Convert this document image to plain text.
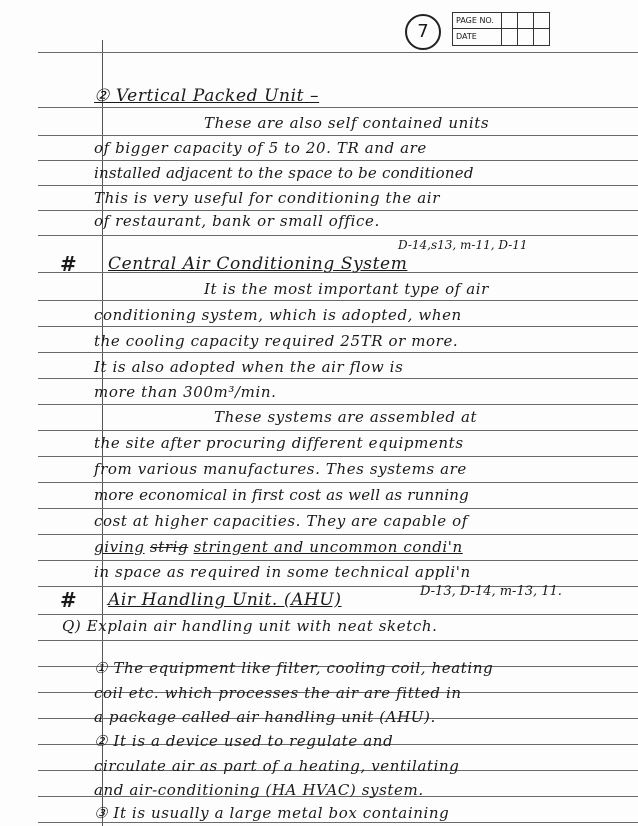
7
PAGE NO.
DATE
② Vertical Packed Unit –
These are also self contained units
of bigger capacity of 5 to 20. TR and are
installed adjacent to the space to be conditioned
This is very useful for conditioning the air
of restaurant, bank or small office.
D-14,s13, m-11, D-11
# Central Air Conditioning System
It is the most important type of air
conditioning system, which is adopted, when
the cooling capacity required 25TR or more.
It is also adopted when the air flow is
more than 300m³/min.
These systems are assembled at
the site after procuring different equipments
from various manufactures. Thes systems are
more economical in first cost as well as running
cost at higher capacities. They are capable of
giving strig stringent and uncommon condi'n
in space as required in some technical appli'n
# Air Handling Unit. (AHU)	D-13, D-14, m-13, 11.
Q) Explain air handling unit with neat sketch.
① The equipment like filter, cooling coil, heating
coil etc. which processes the air are fitted in
a package called air handling unit (AHU).
② It is a device used to regulate and
circulate air as part of a heating, ventilating
and air-conditioning (HA HVAC) system.
③ It is usually a large metal box containing
